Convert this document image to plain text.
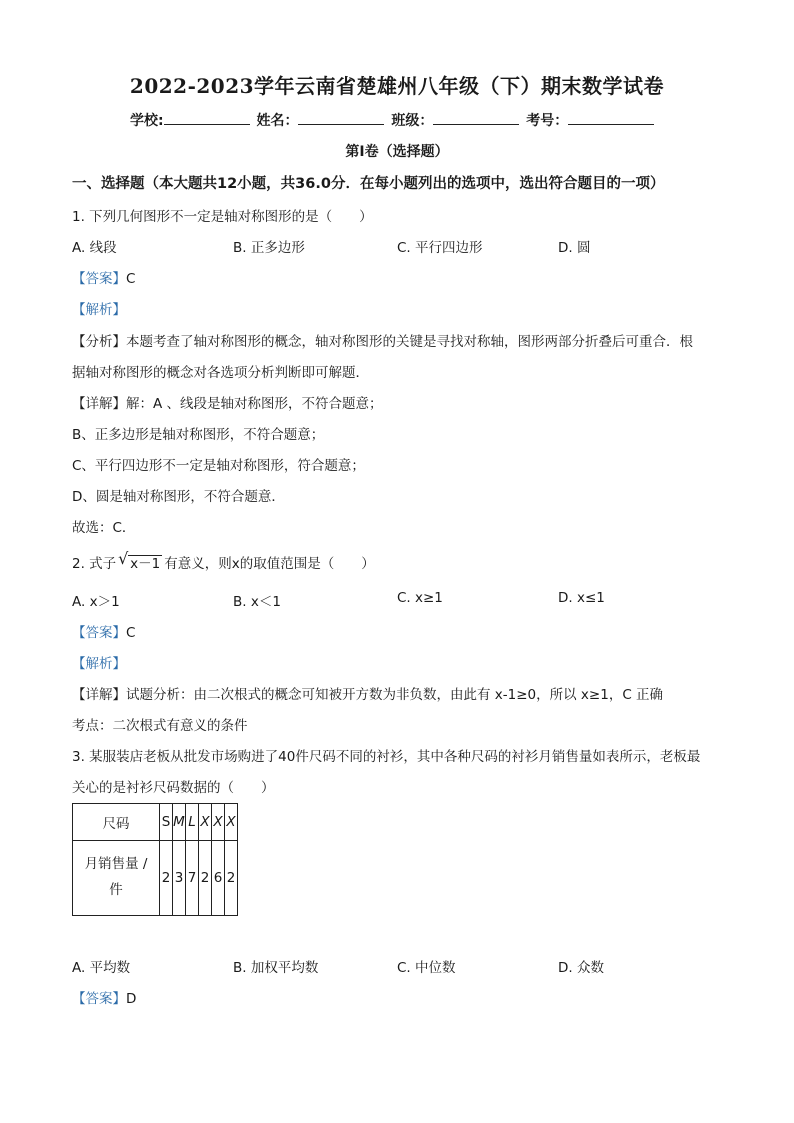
2022-2023学年云南省楚雄州八年级（下）期末数学试卷
学校:	姓名：	班级：	考号：
第I卷（选择题）
一、选择题（本大题共12小题，共36.0分．在每小题列出的选项中，选出符合题目的一项）
1. 下列几何图形不一定是轴对称图形的是（　　）
A. 线段	B. 正多边形	C. 平行四边形	D. 圆
【答案】C
【解析】
【分析】本题考查了轴对称图形的概念，轴对称图形的关键是寻找对称轴，图形两部分折叠后可重合．根
据轴对称图形的概念对各选项分析判断即可解题．
【详解】解：A 、线段是轴对称图形，不符合题意；
B、正多边形是轴对称图形，不符合题意；
C、平行四边形不一定是轴对称图形，符合题意；
D、圆是轴对称图形，不符合题意．
故选：C．
2. 式子 √ x－1 有意义，则x的取值范围是（　　）
A. x＞1	B. x＜1	C. x≥1	D. x≤1
【答案】C
【解析】
【详解】试题分析：由二次根式的概念可知被开方数为非负数，由此有 x-1≥0，所以 x≥1，C 正确
考点：二次根式有意义的条件
3. 某服装店老板从批发市场购进了40件尺码不同的衬衫，其中各种尺码的衬衫月销售量如表所示，老板最
关心的是衬衫尺码数据的（　　）
尺码	S	M	L	X	X	X
月销售量 /
件	2	3	7	2	6	2
A. 平均数	B. 加权平均数	C. 中位数	D. 众数
【答案】D
